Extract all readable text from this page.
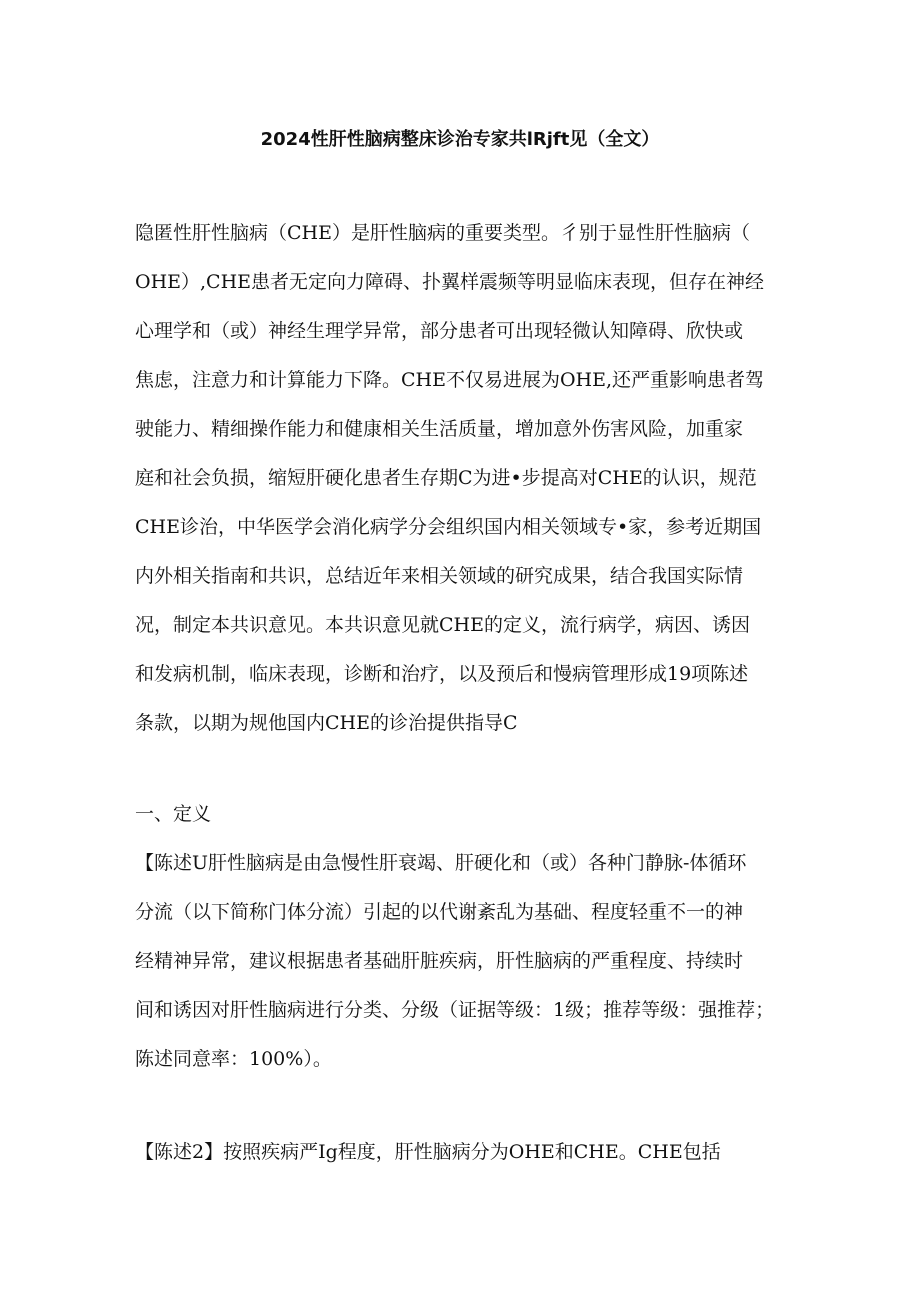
2024性肝性脑病整床诊治专家共lRjft见（全文）
隐匿性肝性脑病（CHE）是肝性脑病的重要类型。彳别于显性肝性脑病（
OHE）,CHE患者无定向力障碍、扑翼样震频等明显临床表现，但存在神经
心理学和（或）神经生理学异常，部分患者可出现轻微认知障碍、欣快或
焦虑，注意力和计算能力下降。CHE不仅易进展为OHE,还严重影响患者驾
驶能力、精细操作能力和健康相关生活质量，增加意外伤害风险，加重家
庭和社会负损，缩短肝硬化患者生存期C为进•步提高对CHE的认识，规范
CHE诊治，中华医学会消化病学分会组织国内相关领域专•家，参考近期国
内外相关指南和共识，总结近年来相关领域的研究成果，结合我国实际情
况，制定本共识意见。本共识意见就CHE的定义，流行病学，病因、诱因
和发病机制，临床表现，诊断和治疗，以及预后和慢病管理形成19项陈述
条款，以期为规他国内CHE的诊治提供指导C
一、定义
【陈述U肝性脑病是由急慢性肝衰竭、肝硬化和（或）各种门静脉-体循环
分流（以下简称门体分流）引起的以代谢紊乱为基础、程度轻重不一的神
经精神异常，建议根据患者基础肝脏疾病，肝性脑病的严重程度、持续时
间和诱因对肝性脑病进行分类、分级（证据等级：1级；推荐等级：强推荐；
陈述同意率：100%）。
【陈述2】按照疾病严Ig程度，肝性脑病分为OHE和CHE。CHE包括
